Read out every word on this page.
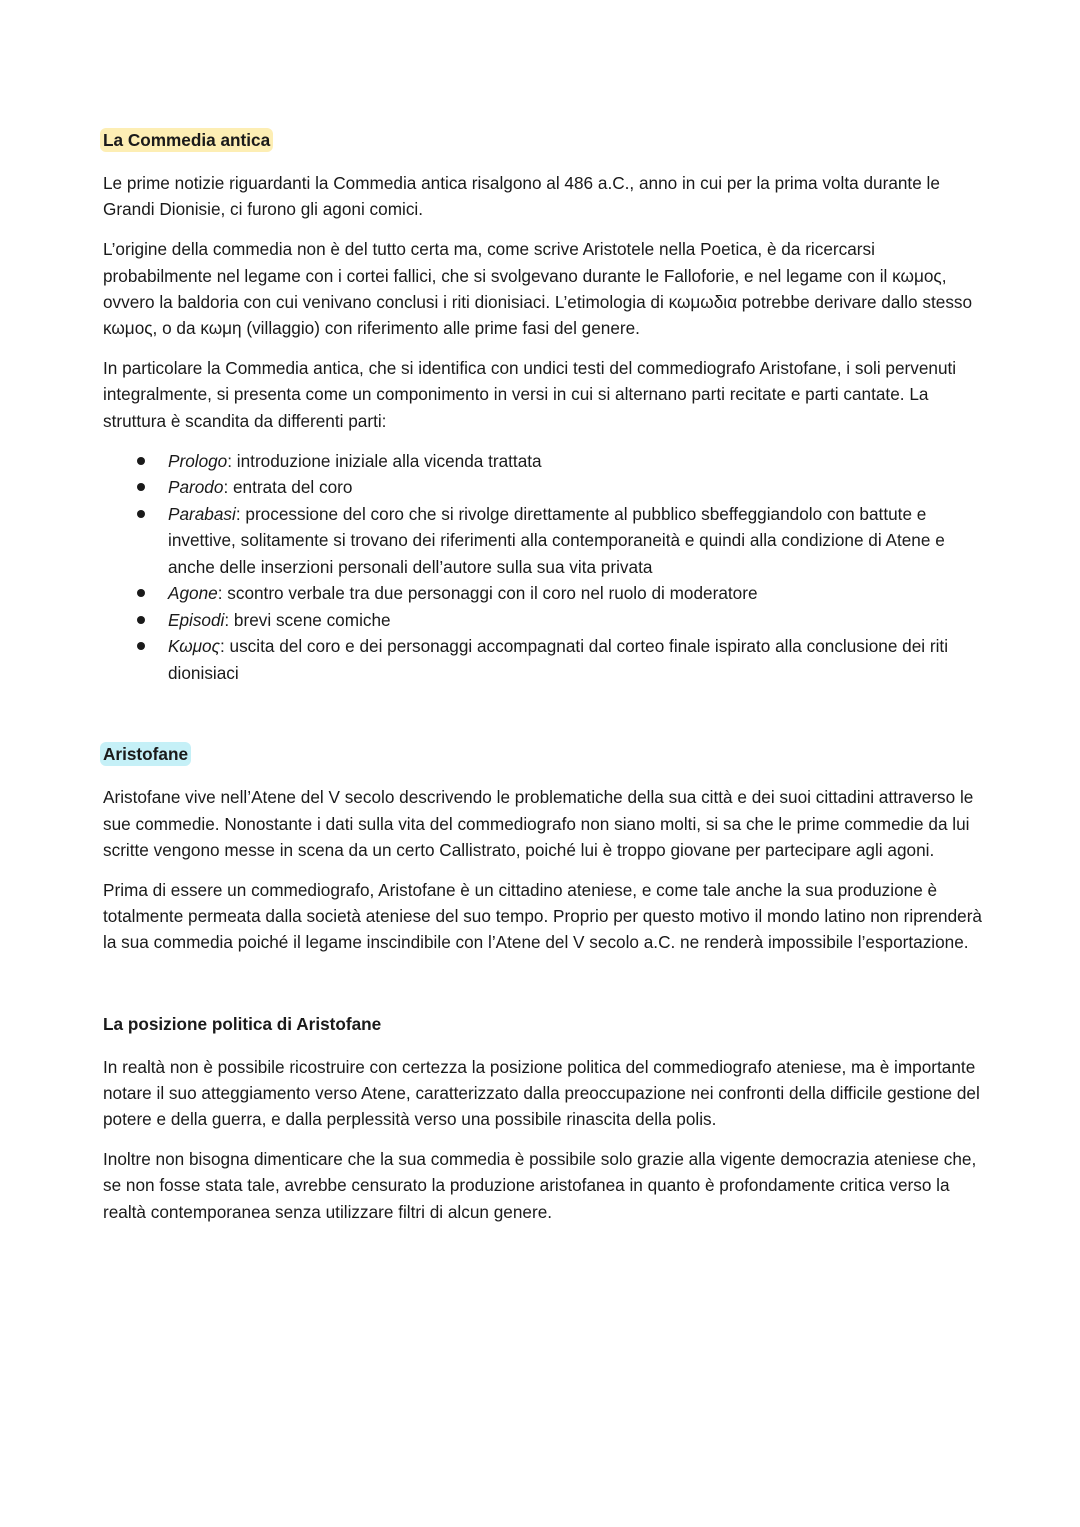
La Commedia antica

Le prime notizie riguardanti la Commedia antica risalgono al 486 a.C., anno in cui per la prima volta durante le Grandi Dionisie, ci furono gli agoni comici.

L’origine della commedia non è del tutto certa ma, come scrive Aristotele nella Poetica, è da ricercarsi probabilmente nel legame con i cortei fallici, che si svolgevano durante le Falloforie, e nel legame con il κωμος, ovvero la baldoria con cui venivano conclusi i riti dionisiaci. L’etimologia di κωμωδια potrebbe derivare dallo stesso κωμος, o da κωμη (villaggio) con riferimento alle prime fasi del genere.

In particolare la Commedia antica, che si identifica con undici testi del commediografo Aristofane, i soli pervenuti integralmente, si presenta come un componimento in versi in cui si alternano parti recitate e parti cantate. La struttura è scandita da differenti parti:

Prologo: introduzione iniziale alla vicenda trattata
Parodo: entrata del coro
Parabasi: processione del coro che si rivolge direttamente al pubblico sbeffeggiandolo con battute e invettive, solitamente si trovano dei riferimenti alla contemporaneità e quindi alla condizione di Atene e anche delle inserzioni personali dell’autore sulla sua vita privata
Agone: scontro verbale tra due personaggi con il coro nel ruolo di moderatore
Episodi: brevi scene comiche
Κωμος: uscita del coro e dei personaggi accompagnati dal corteo finale ispirato alla conclusione dei riti dionisiaci
Aristofane

Aristofane vive nell’Atene del V secolo descrivendo le problematiche della sua città e dei suoi cittadini attraverso le sue commedie. Nonostante i dati sulla vita del commediografo non siano molti, si sa che le prime commedie da lui scritte vengono messe in scena da un certo Callistrato, poiché lui è troppo giovane per partecipare agli agoni.

Prima di essere un commediografo, Aristofane è un cittadino ateniese, e come tale anche la sua produzione è totalmente permeata dalla società ateniese del suo tempo. Proprio per questo motivo il mondo latino non riprenderà la sua commedia poiché il legame inscindibile con l’Atene del V secolo a.C. ne renderà impossibile l’esportazione.

La posizione politica di Aristofane

In realtà non è possibile ricostruire con certezza la posizione politica del commediografo ateniese, ma è importante notare il suo atteggiamento verso Atene, caratterizzato dalla preoccupazione nei confronti della difficile gestione del potere e della guerra, e dalla perplessità verso una possibile rinascita della polis.

Inoltre non bisogna dimenticare che la sua commedia è possibile solo grazie alla vigente democrazia ateniese che, se non fosse stata tale, avrebbe censurato la produzione aristofanea in quanto è profondamente critica verso la realtà contemporanea senza utilizzare filtri di alcun genere.
